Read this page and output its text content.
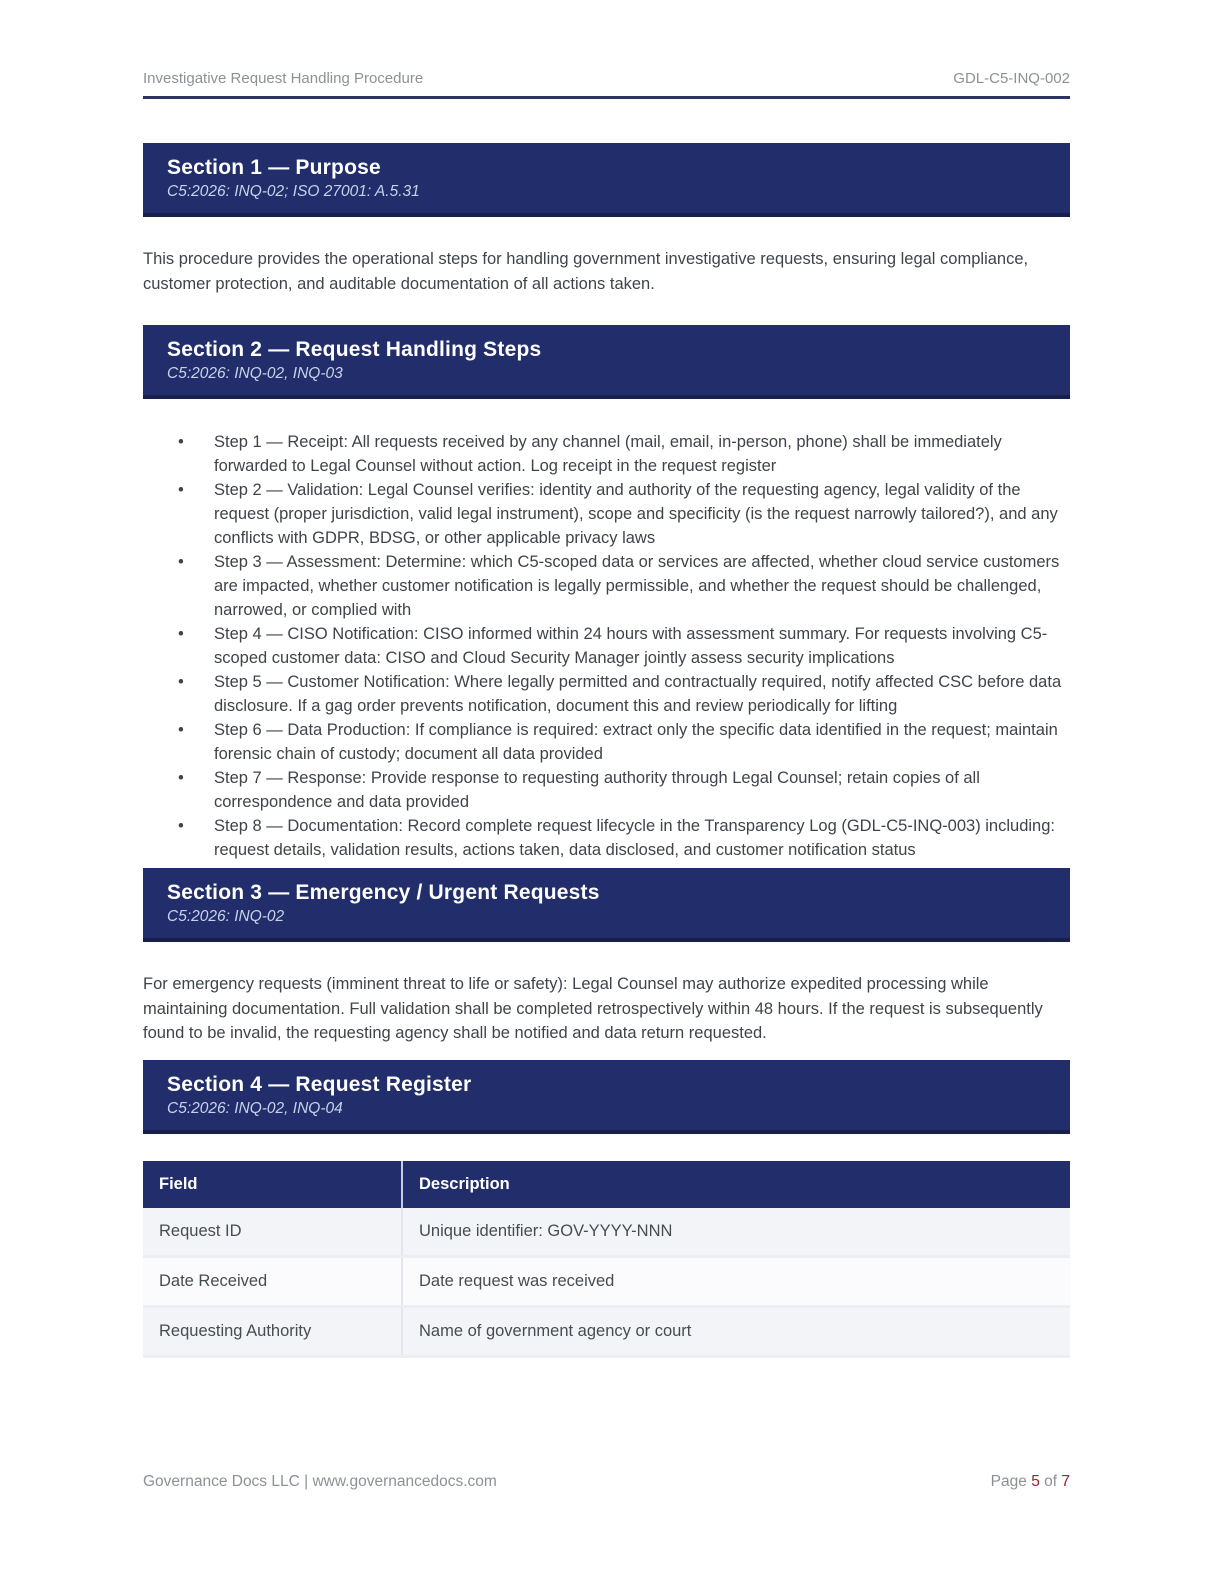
Investigative Request Handling Procedure	GDL-C5-INQ-002
Section 1 — Purpose
C5:2026: INQ-02; ISO 27001: A.5.31

This procedure provides the operational steps for handling government investigative requests, ensuring legal compliance, customer protection, and auditable documentation of all actions taken.

Section 2 — Request Handling Steps
C5:2026: INQ-02, INQ-03
• Step 1 — Receipt: All requests received by any channel (mail, email, in-person, phone) shall be immediately forwarded to Legal Counsel without action. Log receipt in the request register
• Step 2 — Validation: Legal Counsel verifies: identity and authority of the requesting agency, legal validity of the request (proper jurisdiction, valid legal instrument), scope and specificity (is the request narrowly tailored?), and any conflicts with GDPR, BDSG, or other applicable privacy laws
• Step 3 — Assessment: Determine: which C5-scoped data or services are affected, whether cloud service customers are impacted, whether customer notification is legally permissible, and whether the request should be challenged, narrowed, or complied with
• Step 4 — CISO Notification: CISO informed within 24 hours with assessment summary. For requests involving C5-scoped customer data: CISO and Cloud Security Manager jointly assess security implications
• Step 5 — Customer Notification: Where legally permitted and contractually required, notify affected CSC before data disclosure. If a gag order prevents notification, document this and review periodically for lifting
• Step 6 — Data Production: If compliance is required: extract only the specific data identified in the request; maintain forensic chain of custody; document all data provided
• Step 7 — Response: Provide response to requesting authority through Legal Counsel; retain copies of all correspondence and data provided
• Step 8 — Documentation: Record complete request lifecycle in the Transparency Log (GDL-C5-INQ-003) including: request details, validation results, actions taken, data disclosed, and customer notification status
Section 3 — Emergency / Urgent Requests
C5:2026: INQ-02

For emergency requests (imminent threat to life or safety): Legal Counsel may authorize expedited processing while maintaining documentation. Full validation shall be completed retrospectively within 48 hours. If the request is subsequently found to be invalid, the requesting agency shall be notified and data return requested.

Section 4 — Request Register
C5:2026: INQ-02, INQ-04
Field	Description
Request ID	Unique identifier: GOV-YYYY-NNN
Date Received	Date request was received
Requesting Authority	Name of government agency or court
Governance Docs LLC | www.governancedocs.com	Page 5 of 7
